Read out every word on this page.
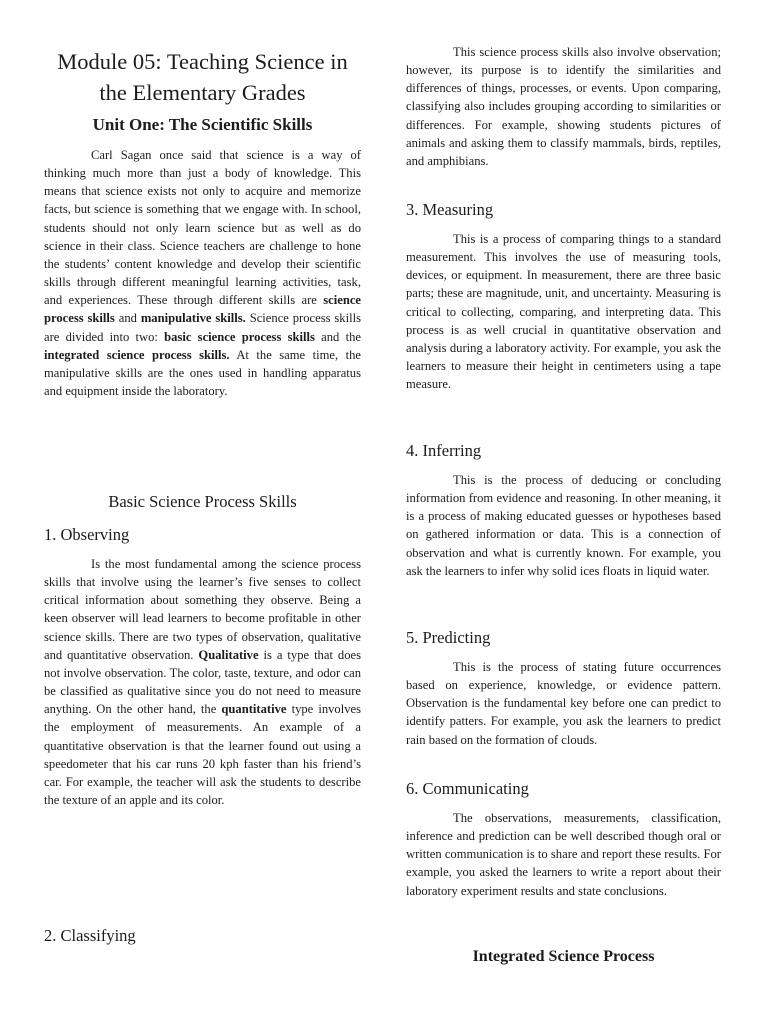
Module 05: Teaching Science in the Elementary Grades
Unit One: The Scientific Skills

Carl Sagan once said that science is a way of thinking much more than just a body of knowledge. This means that science exists not only to acquire and memorize facts, but science is something that we engage with. In school, students should not only learn science but as well as do science in their class. Science teachers are challenge to hone the students’ content knowledge and develop their scientific skills through different meaningful learning activities, task, and experiences. These through different skills are science process skills and manipulative skills. Science process skills are divided into two: basic science process skills and the integrated science process skills. At the same time, the manipulative skills are the ones used in handling apparatus and equipment inside the laboratory.

Basic Science Process Skills
1. Observing

Is the most fundamental among the science process skills that involve using the learner’s five senses to collect critical information about something they observe. Being a keen observer will lead learners to become profitable in other science skills. There are two types of observation, qualitative and quantitative observation. Qualitative is a type that does not involve observation. The color, taste, texture, and odor can be classified as qualitative since you do not need to measure anything. On the other hand, the quantitative type involves the employment of measurements. An example of a quantitative observation is that the learner found out using a speedometer that his car runs 20 kph faster than his friend’s car. For example, the teacher will ask the students to describe the texture of an apple and its color.

2. Classifying

This science process skills also involve observation; however, its purpose is to identify the similarities and differences of things, processes, or events. Upon comparing, classifying also includes grouping according to similarities or differences. For example, showing students pictures of animals and asking them to classify mammals, birds, reptiles, and amphibians.

3. Measuring

This is a process of comparing things to a standard measurement. This involves the use of measuring tools, devices, or equipment. In measurement, there are three basic parts; these are magnitude, unit, and uncertainty. Measuring is critical to collecting, comparing, and interpreting data. This process is as well crucial in quantitative observation and analysis during a laboratory activity. For example, you ask the learners to measure their height in centimeters using a tape measure.

4. Inferring

This is the process of deducing or concluding information from evidence and reasoning. In other meaning, it is a process of making educated guesses or hypotheses based on gathered information or data. This is a connection of observation and what is currently known. For example, you ask the learners to infer why solid ices floats in liquid water.

5. Predicting

This is the process of stating future occurrences based on experience, knowledge, or evidence pattern. Observation is the fundamental key before one can predict to identify patters. For example, you ask the learners to predict rain based on the formation of clouds.

6. Communicating

The observations, measurements, classification, inference and prediction can be well described though oral or written communication is to share and report these results. For example, you asked the learners to write a report about their laboratory experiment results and state conclusions.

Integrated Science Process
